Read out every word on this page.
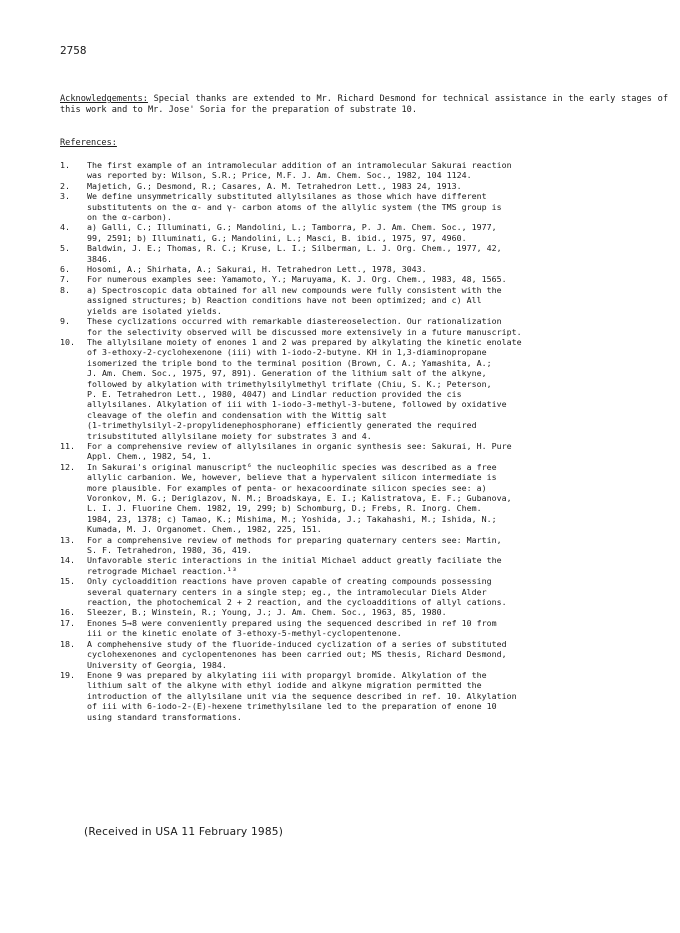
2758
Acknowledgements: Special thanks are extended to Mr. Richard Desmond for technical assistance in the early stages of this work and to Mr. Jose' Soria for the preparation of substrate 10.
References:
1.	The first example of an intramolecular addition of an intramolecular Sakurai reaction
was reported by: Wilson, S.R.; Price, M.F. J. Am. Chem. Soc., 1982, 104 1124.
2.	Majetich, G.; Desmond, R.; Casares, A. M. Tetrahedron Lett., 1983 24, 1913.
3.	We define unsymmetrically substituted allylsilanes as those which have different
substitutents on the α- and γ- carbon atoms of the allylic system (the TMS group is
on the α-carbon).
4.	a) Galli, C.; Illuminati, G.; Mandolini, L.; Tamborra, P. J. Am. Chem. Soc., 1977,
99, 2591; b) Illuminati, G.; Mandolini, L.; Masci, B. ibid., 1975, 97, 4960.
5.	Baldwin, J. E.; Thomas, R. C.; Kruse, L. I.; Silberman, L. J. Org. Chem., 1977, 42,
3846.
6.	Hosomi, A.; Shirhata, A.; Sakurai, H. Tetrahedron Lett., 1978, 3043.
7.	For numerous examples see: Yamamoto, Y.; Maruyama, K. J. Org. Chem., 1983, 48, 1565.
8.	a) Spectroscopic data obtained for all new compounds were fully consistent with the
assigned structures; b) Reaction conditions have not been optimized; and c) All
yields are isolated yields.
9.	These cyclizations occurred with remarkable diastereoselection. Our rationalization
for the selectivity observed will be discussed more extensively in a future manuscript.
10.	The allylsilane moiety of enones 1 and 2 was prepared by alkylating the kinetic enolate
of 3-ethoxy-2-cyclohexenone (iii) with 1-iodo-2-butyne. KH in 1,3-diaminopropane
isomerized the triple bond to the terminal position (Brown, C. A.; Yamashita, A.;
J. Am. Chem. Soc., 1975, 97, 891). Generation of the lithium salt of the alkyne,
followed by alkylation with trimethylsilylmethyl triflate (Chiu, S. K.; Peterson,
P. E. Tetrahedron Lett., 1980, 4047) and Lindlar reduction provided the cis
allylsilanes. Alkylation of iii with 1-iodo-3-methyl-3-butene, followed by oxidative
cleavage of the olefin and condensation with the Wittig salt
(1-trimethylsilyl-2-propylidenephosphorane) efficiently generated the required
trisubstituted allylsilane moiety for substrates 3 and 4.
11.	For a comprehensive review of allylsilanes in organic synthesis see: Sakurai, H. Pure
Appl. Chem., 1982, 54, 1.
12.	In Sakurai's original manuscript⁶ the nucleophilic species was described as a free
allylic carbanion. We, however, believe that a hypervalent silicon intermediate is
more plausible. For examples of penta- or hexacoordinate silicon species see: a)
Voronkov, M. G.; Deriglazov, N. M.; Broadskaya, E. I.; Kalistratova, E. F.; Gubanova,
L. I. J. Fluorine Chem. 1982, 19, 299; b) Schomburg, D.; Frebs, R. Inorg. Chem.
1984, 23, 1378; c) Tamao, K.; Mishima, M.; Yoshida, J.; Takahashi, M.; Ishida, N.;
Kumada, M. J. Organomet. Chem., 1982, 225, 151.
13.	For a comprehensive review of methods for preparing quaternary centers see: Martin,
S. F. Tetrahedron, 1980, 36, 419.
14.	Unfavorable steric interactions in the initial Michael adduct greatly faciliate the
retrograde Michael reaction.¹³
15.	Only cycloaddition reactions have proven capable of creating compounds possessing
several quaternary centers in a single step; eg., the intramolecular Diels Alder
reaction, the photochemical 2 + 2 reaction, and the cycloadditions of allyl cations.
16.	Sleezer, B.; Winstein, R.; Young, J.; J. Am. Chem. Soc., 1963, 85, 1980.
17.	Enones 5→8 were conveniently prepared using the sequenced described in ref 10 from
iii or the kinetic enolate of 3-ethoxy-5-methyl-cyclopentenone.
18.	A comphehensive study of the fluoride-induced cyclization of a series of substituted
cyclohexenones and cyclopentenones has been carried out; MS thesis, Richard Desmond,
University of Georgia, 1984.
19.	Enone 9 was prepared by alkylating iii with propargyl bromide. Alkylation of the
lithium salt of the alkyne with ethyl iodide and alkyne migration permitted the
introduction of the allylsilane unit via the sequence described in ref. 10. Alkylation
of iii with 6-iodo-2-(E)-hexene trimethylsilane led to the preparation of enone 10
using standard transformations.
(Received in USA 11 February 1985)
